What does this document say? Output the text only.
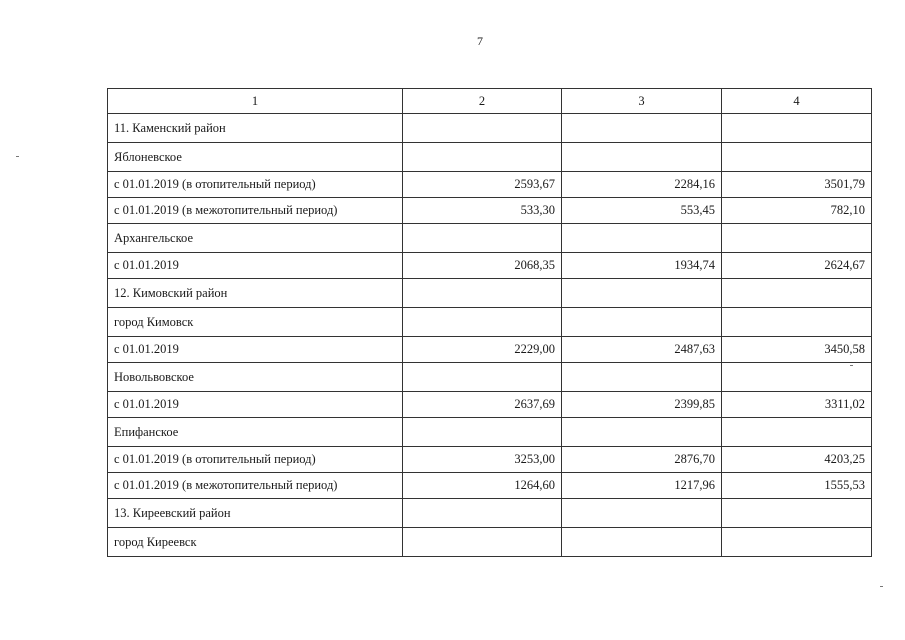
7
1	2	3	4
11. Каменский район			
Яблоневское			
с 01.01.2019 (в отопительный период)	2593,67	2284,16	3501,79
с 01.01.2019 (в межотопительный период)	533,30	553,45	782,10
Архангельское			
с 01.01.2019	2068,35	1934,74	2624,67
12. Кимовский район			
город Кимовск			
с 01.01.2019	2229,00	2487,63	3450,58
Новольвовское			
с 01.01.2019	2637,69	2399,85	3311,02
Епифанское			
с 01.01.2019 (в отопительный период)	3253,00	2876,70	4203,25
с 01.01.2019 (в межотопительный период)	1264,60	1217,96	1555,53
13. Киреевский район			
город Киреевск			
